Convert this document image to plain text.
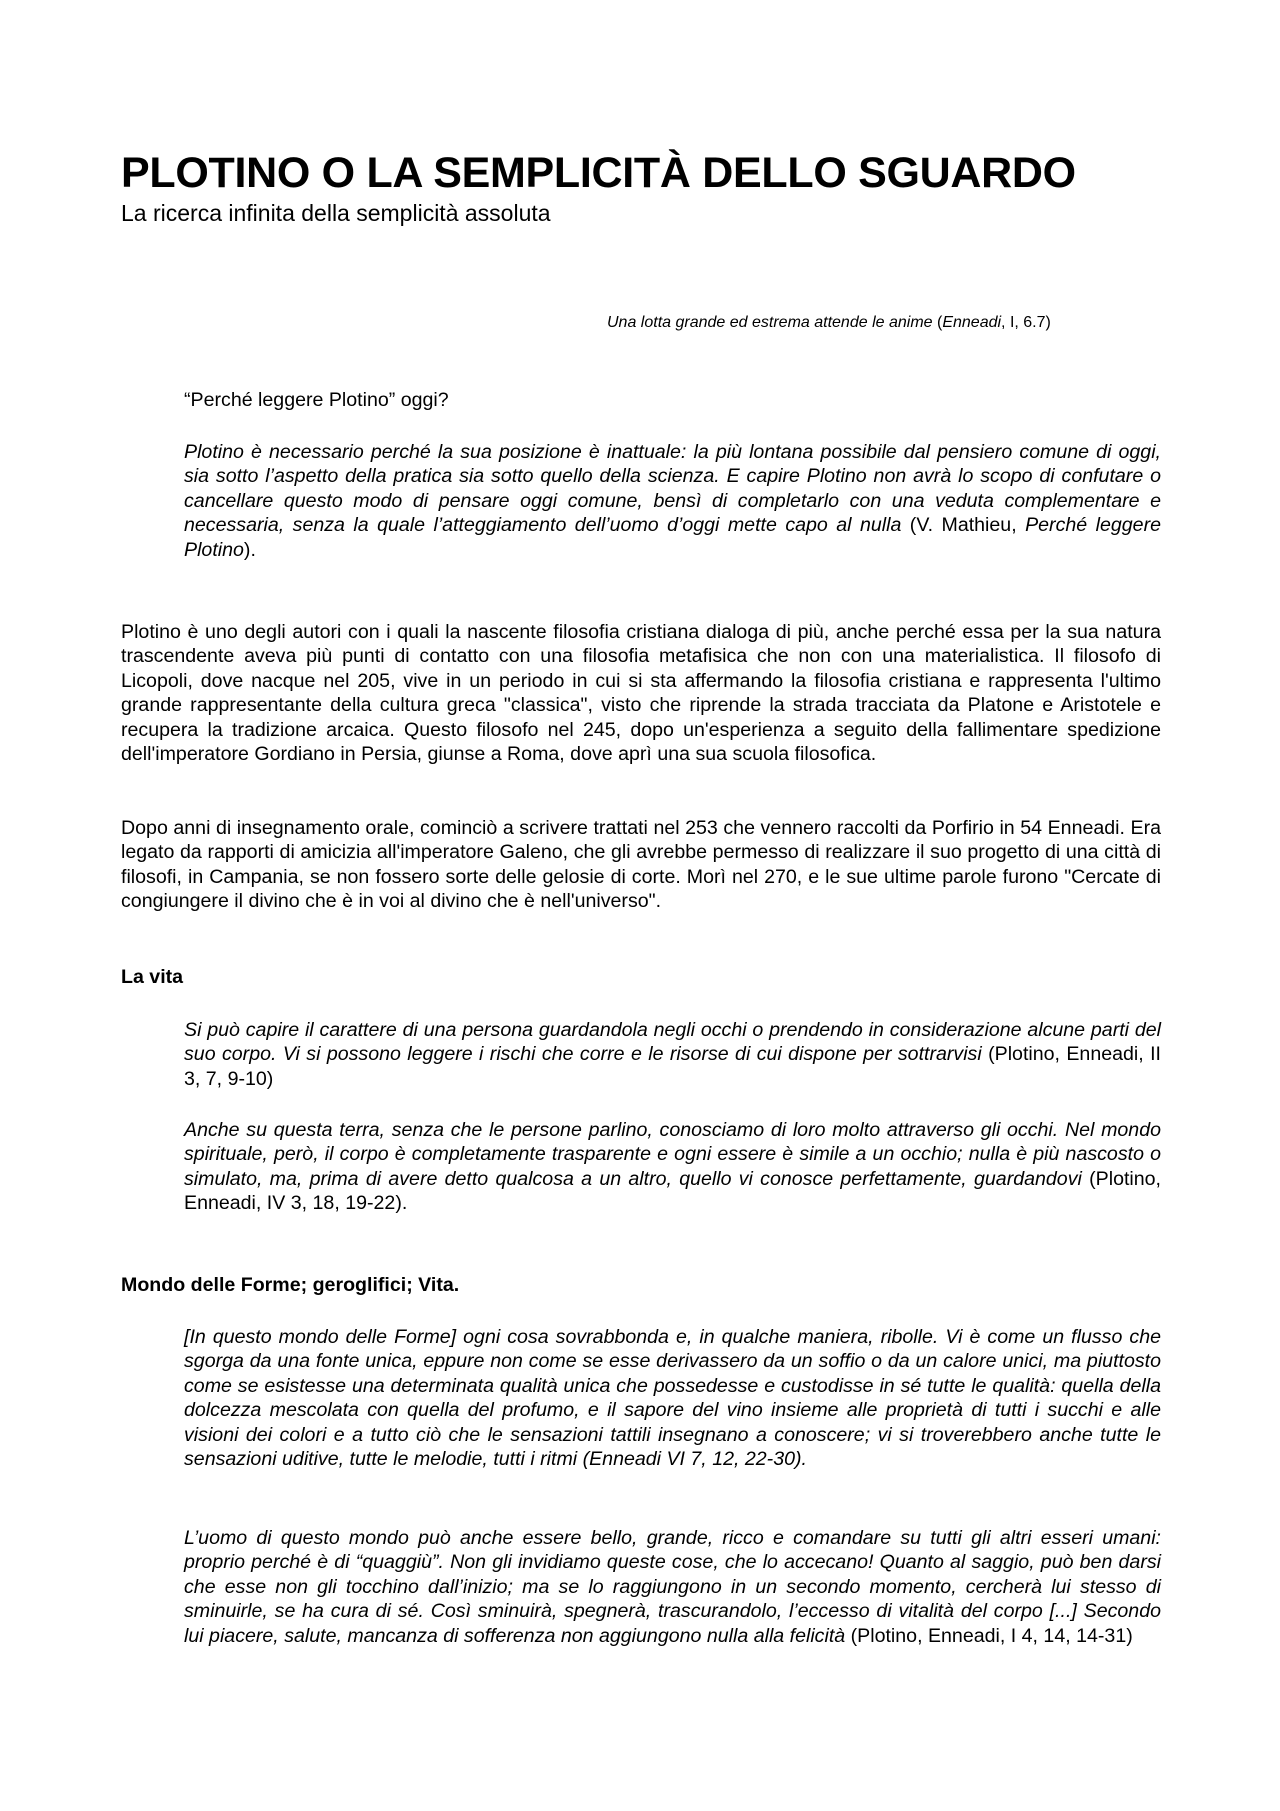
PLOTINO O LA SEMPLICITÀ DELLO SGUARDO
La ricerca infinita della semplicità assoluta
Una lotta grande ed estrema attende le anime (Enneadi, I, 6.7)

“Perché leggere Plotino” oggi?

Plotino è necessario perché la sua posizione è inattuale: la più lontana possibile dal pensiero comune di oggi, sia sotto l’aspetto della pratica sia sotto quello della scienza. E capire Plotino non avrà lo scopo di confutare o cancellare questo modo di pensare oggi comune, bensì di completarlo con una veduta complementare e necessaria, senza la quale l’atteggiamento dell’uomo d’oggi mette capo al nulla (V. Mathieu, Perché leggere Plotino).

Plotino è uno degli autori con i quali la nascente filosofia cristiana dialoga di più, anche perché essa per la sua natura trascendente aveva più punti di contatto con una filosofia metafisica che non con una materialistica. Il filosofo di Licopoli, dove nacque nel 205, vive in un periodo in cui si sta affermando la filosofia cristiana e rappresenta l'ultimo grande rappresentante della cultura greca "classica", visto che riprende la strada tracciata da Platone e Aristotele e recupera la tradizione arcaica. Questo filosofo nel 245, dopo un'esperienza a seguito della fallimentare spedizione dell'imperatore Gordiano in Persia, giunse a Roma, dove aprì una sua scuola filosofica.

Dopo anni di insegnamento orale, cominciò a scrivere trattati nel 253 che vennero raccolti da Porfirio in 54 Enneadi. Era legato da rapporti di amicizia all'imperatore Galeno, che gli avrebbe permesso di realizzare il suo progetto di una città di filosofi, in Campania, se non fossero sorte delle gelosie di corte. Morì nel 270, e le sue ultime parole furono "Cercate di congiungere il divino che è in voi al divino che è nell'universo".

La vita

Si può capire il carattere di una persona guardandola negli occhi o prendendo in considerazione alcune parti del suo corpo. Vi si possono leggere i rischi che corre e le risorse di cui dispone per sottrarvisi (Plotino, Enneadi, II 3, 7, 9-10)

Anche su questa terra, senza che le persone parlino, conosciamo di loro molto attraverso gli occhi. Nel mondo spirituale, però, il corpo è completamente trasparente e ogni essere è simile a un occhio; nulla è più nascosto o simulato, ma, prima di avere detto qualcosa a un altro, quello vi conosce perfettamente, guardandovi (Plotino, Enneadi, IV 3, 18, 19-22).

Mondo delle Forme; geroglifici; Vita.

[In questo mondo delle Forme] ogni cosa sovrabbonda e, in qualche maniera, ribolle. Vi è come un flusso che sgorga da una fonte unica, eppure non come se esse derivassero da un soffio o da un calore unici, ma piuttosto come se esistesse una determinata qualità unica che possedesse e custodisse in sé tutte le qualità: quella della dolcezza mescolata con quella del profumo, e il sapore del vino insieme alle proprietà di tutti i succhi e alle visioni dei colori e a tutto ciò che le sensazioni tattili insegnano a conoscere; vi si troverebbero anche tutte le sensazioni uditive, tutte le melodie, tutti i ritmi (Enneadi VI 7, 12, 22-30).

L’uomo di questo mondo può anche essere bello, grande, ricco e comandare su tutti gli altri esseri umani: proprio perché è di “quaggiù”. Non gli invidiamo queste cose, che lo accecano! Quanto al saggio, può ben darsi che esse non gli tocchino dall’inizio; ma se lo raggiungono in un secondo momento, cercherà lui stesso di sminuirle, se ha cura di sé. Così sminuirà, spegnerà, trascurandolo, l’eccesso di vitalità del corpo [...] Secondo lui piacere, salute, mancanza di sofferenza non aggiungono nulla alla felicità (Plotino, Enneadi, I 4, 14, 14-31)
